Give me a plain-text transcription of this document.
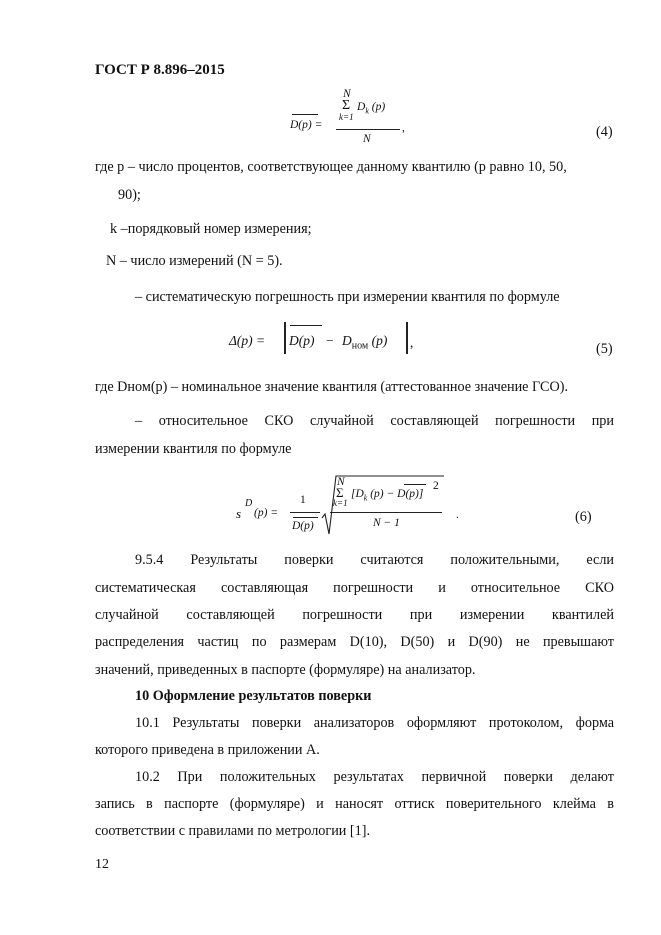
ГОСТ Р 8.896–2015
N
Σ
k=1
$D_k$ (p)
N
D(p) =	,	(4)
где p – число процентов, соответствующее данному квантилю (p равно 10, 50,
90);
k –порядковый номер измерения;
N – число измерений (N = 5).
– систематическую погрешность при измерении квантиля по формуле
$\Delta(p) = D(p) - D_{ном}$ (p) ,	(5)
где Dном(p) – номинальное значение квантиля (аттестованное значение ГСО).
– относительное СКО случайной составляющей погрешности при
измерении квантиля по формуле
s
D
(p) =
1
D(p)
N
Σ
k=1
[$D_k$ (p) − D(p)]
2
N − 1
.	(6)
9.5.4 Результаты поверки считаются положительными, если
систематическая составляющая погрешности и относительное СКО
случайной составляющей погрешности при измерении квантилей
распределения частиц по размерам D(10), D(50) и D(90) не превышают
значений, приведенных в паспорте (формуляре) на анализатор.
10 Оформление результатов поверки
10.1 Результаты поверки анализаторов оформляют протоколом, форма
которого приведена в приложении А.
10.2 При положительных результатах первичной поверки делают
запись в паспорте (формуляре) и наносят оттиск поверительного клейма в
соответствии с правилами по метрологии [1].
12
